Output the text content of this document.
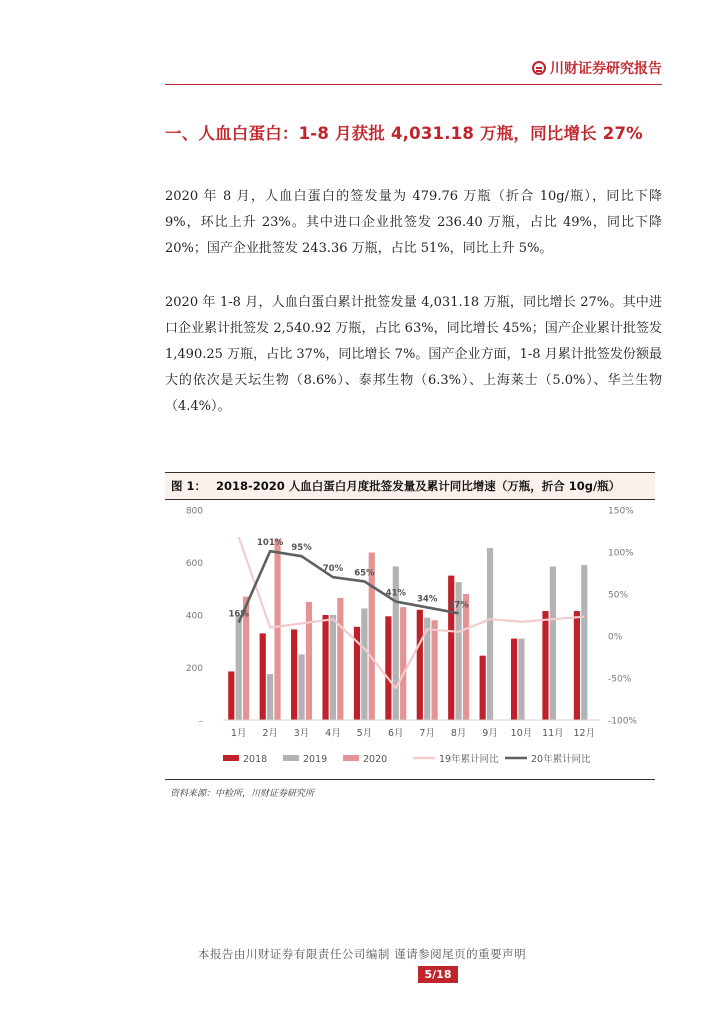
川财证券研究报告
一、人血白蛋白：1-8 月获批 4,031.18 万瓶，同比增长 27%
2020 年 8 月，人血白蛋白的签发量为 479.76 万瓶（折合 10g/瓶），同比下降 9%，环比上升 23%。其中进口企业批签发 236.40 万瓶，占比 49%，同比下降 20%；国产企业批签发 243.36 万瓶，占比 51%，同比上升 5%。
2020 年 1-8 月，人血白蛋白累计批签发量 4,031.18 万瓶，同比增长 27%。其中进口企业累计批签发 2,540.92 万瓶，占比 63%，同比增长 45%；国产企业累计批签发 1,490.25 万瓶，占比 37%，同比增长 7%。国产企业方面，1-8 月累计批签发份额最大的依次是天坛生物（8.6%）、泰邦生物（6.3%）、上海莱士（5.0%）、华兰生物（4.4%）。
图 1： 2018-2020 人血白蛋白月度批签发量及累计同比增速（万瓶，折合 10g/瓶）
–
200
400
600
800
-100%
-50%
0%
50%
100%
150%
16%
101%
95%
70% 65%
41%
34%
27%
1月 2月 3月 4月 5月 6月 7月 8月 9月 10月 11月 12月
2018	2019	2020	19年累计同比	20年累计同比
资料来源：中检所，川财证券研究所
本报告由川财证券有限责任公司编制 谨请参阅尾页的重要声明
5/18
